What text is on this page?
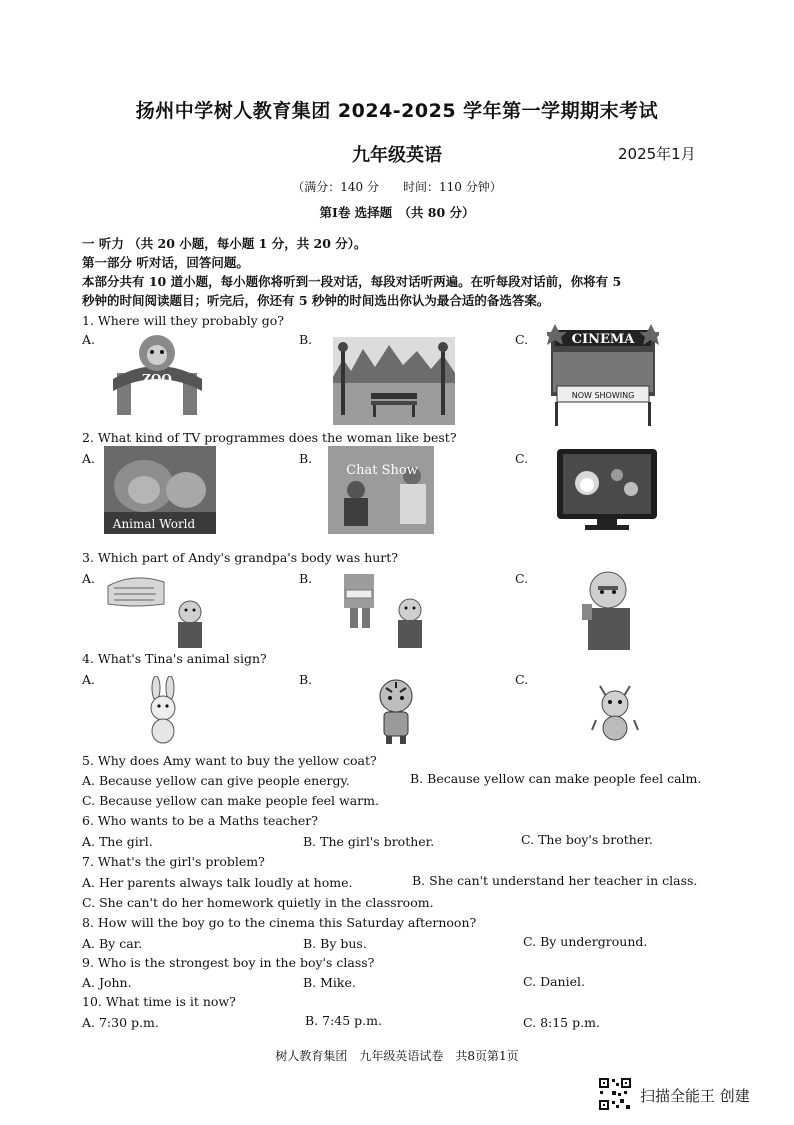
扬州中学树人教育集团 2024-2025 学年第一学期期末考试
九年级英语	2025年1月
（满分：140 分　　时间：110 分钟）
第Ⅰ卷 选择题　（共 80 分）
一 听力 （共 20 小题，每小题 1 分，共 20 分）。
第一部分 听对话，回答问题。
本部分共有 10 道小题，每小题你将听到一段对话，每段对话听两遍。在听每段对话前，你将有 5
秒钟的时间阅读题目；听完后，你还有 5 秒钟的时间选出你认为最合适的备选答案。
1. Where will they probably go?
A.	B.	C.
ZOO
CINEMA
NOW SHOWING
2. What kind of TV programmes does the woman like best?
A.	B.	C.
Animal World
Chat Show
3. Which part of Andy's grandpa's body was hurt?
A.	B.	C.
4. What's Tina's animal sign?
A.	B.	C.
5. Why does Amy want to buy the yellow coat?
A. Because yellow can give people energy.	B. Because yellow can make people feel calm.
C. Because yellow can make people feel warm.
6. Who wants to be a Maths teacher?
A. The girl.	B. The girl's brother.	C. The boy's brother.
7. What's the girl's problem?
A. Her parents always talk loudly at home.	B. She can't understand her teacher in class.
C. She can't do her homework quietly in the classroom.
8. How will the boy go to the cinema this Saturday afternoon?
A. By car.	B. By bus.	C. By underground.
9. Who is the strongest boy in the boy's class?
A. John.	B. Mike.	C. Daniel.
10. What time is it now?
A. 7:30 p.m.	B. 7:45 p.m.	C. 8:15 p.m.
树人教育集团　九年级英语试卷　共8页第1页
扫描全能王 创建
